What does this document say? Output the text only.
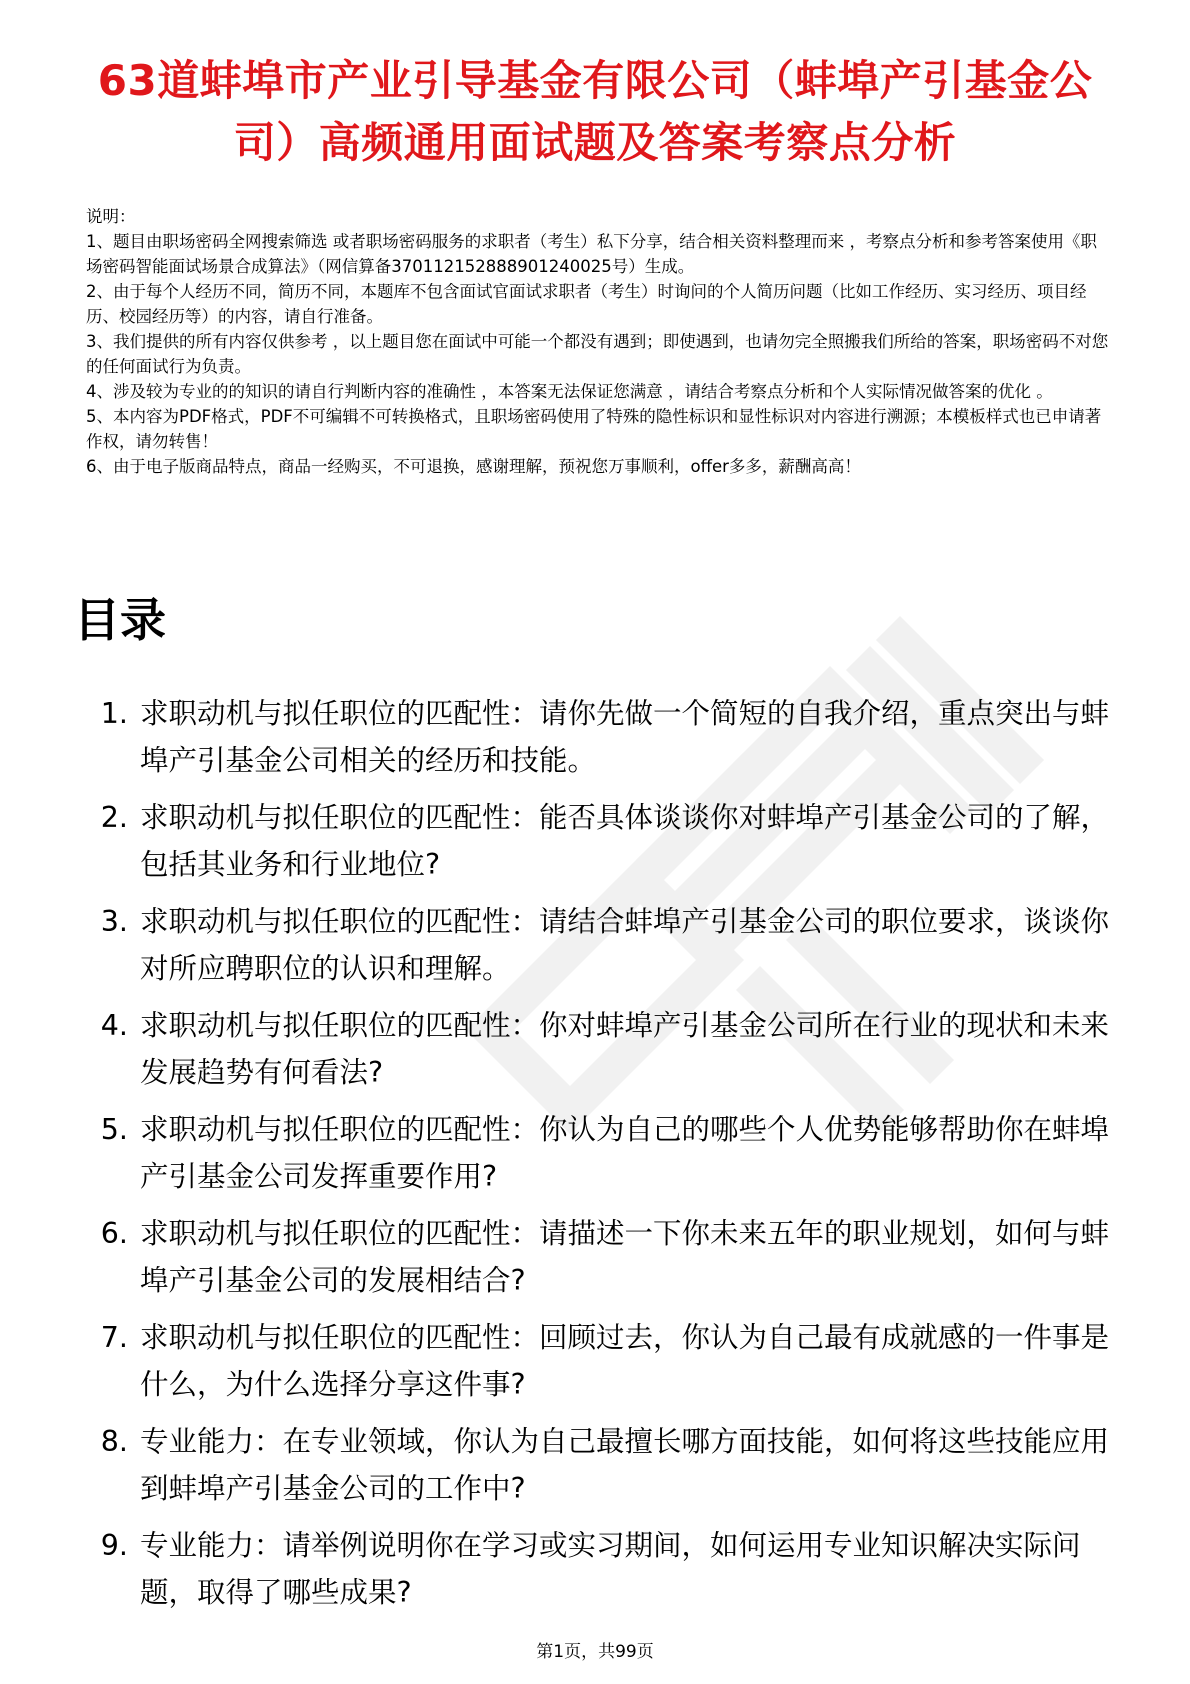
63道蚌埠市产业引导基金有限公司（蚌埠产引基金公司）高频通用面试题及答案考察点分析

说明：

1、题目由职场密码全网搜索筛选 或者职场密码服务的求职者（考生）私下分享，结合相关资料整理而来 ，考察点分析和参考答案使用《职场密码智能面试场景合成算法》（网信算备370112152888901240025号）生成。

2、由于每个人经历不同，简历不同，本题库不包含面试官面试求职者（考生）时询问的个人简历问题（比如工作经历、实习经历、项目经历、校园经历等）的内容，请自行准备。

3、我们提供的所有内容仅供参考 ，以上题目您在面试中可能一个都没有遇到；即使遇到，也请勿完全照搬我们所给的答案，职场密码不对您的任何面试行为负责。

4、涉及较为专业的的知识的请自行判断内容的准确性 ，本答案无法保证您满意 ，请结合考察点分析和个人实际情况做答案的优化 。

5、本内容为PDF格式，PDF不可编辑不可转换格式，且职场密码使用了特殊的隐性标识和显性标识对内容进行溯源；本模板样式也已申请著作权，请勿转售！

6、由于电子版商品特点，商品一经购买，不可退换，感谢理解，预祝您万事顺利，offer多多，薪酬高高！

目录
1. 求职动机与拟任职位的匹配性：请你先做一个简短的自我介绍，重点突出与蚌埠产引基金公司相关的经历和技能。
2. 求职动机与拟任职位的匹配性：能否具体谈谈你对蚌埠产引基金公司的了解，包括其业务和行业地位?
3. 求职动机与拟任职位的匹配性：请结合蚌埠产引基金公司的职位要求，谈谈你对所应聘职位的认识和理解。
4. 求职动机与拟任职位的匹配性：你对蚌埠产引基金公司所在行业的现状和未来发展趋势有何看法?
5. 求职动机与拟任职位的匹配性：你认为自己的哪些个人优势能够帮助你在蚌埠产引基金公司发挥重要作用?
6. 求职动机与拟任职位的匹配性：请描述一下你未来五年的职业规划，如何与蚌埠产引基金公司的发展相结合?
7. 求职动机与拟任职位的匹配性：回顾过去，你认为自己最有成就感的一件事是什么，为什么选择分享这件事?
8. 专业能力：在专业领域，你认为自己最擅长哪方面技能，如何将这些技能应用到蚌埠产引基金公司的工作中?
9. 专业能力：请举例说明你在学习或实习期间，如何运用专业知识解决实际问题，取得了哪些成果?
第1页，共99页
